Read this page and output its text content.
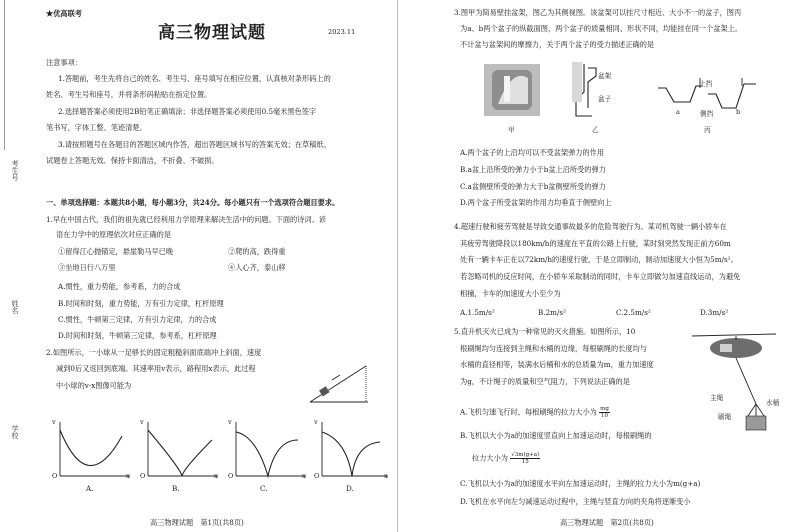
考生号
姓名
学校
★优高联考
高三物理试题	2023.11
注意事项：
1.答题前，考生先将自己的姓名、考生号、座号填写在相应位置，认真核对条形码上的
姓名、考生号和座号，并将条形码粘贴在指定位置。
2.选择题答案必须使用2B铅笔正确填涂；非选择题答案必须使用0.5毫米黑色签字
笔书写，字体工整、笔迹清楚。
3.请按照题号在各题目的答题区域内作答，超出答题区域书写的答案无效；在草稿纸、
试题卷上答题无效。保持卡面清洁，不折叠、不破损。
一、单项选择题：本题共8小题，每小题3分，共24分。每小题只有一个选项符合题目要求。
1.早在中国古代，我们的祖先就已经利用力学原理来解决生活中的问题。下面的诗词、谚
语在力学中的原理依次对应正确的是
①留得江心抛锚定，悬崖勒马早已晚	②爬的高，跌得重
③坐地日行八万里	④人心齐，泰山移
A.惯性，重力势能，参考系，力的合成
B.时间和时刻，重力势能，万有引力定律，杠杆原理
C.惯性，牛顿第三定律，万有引力定律，力的合成
D.时间和时刻，牛顿第三定律，参考系，杠杆原理
2.如图所示，一小球从一足够长的固定粗糙斜面底端冲上斜面，速度
减到0后又返回到底端。其速率用v表示，路程用x表示，此过程
中小球的v-x图像可能为
v	v	v	v
O	O	O	O
x	x	x	x
A.	B.	C.	D.
高三物理试题　第1页(共8页)
3.图甲为简易壁挂盆架，图乙为其侧视图。该盆架可以挂尺寸相近、大小不一的盆子，图丙
为a、b两个盆子的纵截面图，两个盆子的质量相同、形状不同，均能挂在同一个盆架上。
不计盆与盆架间的摩擦力，关于两个盆子的受力描述正确的是
盆架
盆子
上挡
a	侧挡	b
甲	乙	丙
A.两个盆子的上沿均可以不受盆架弹力的作用
B.a盆上沿所受的弹力小于b盆上沿所受的弹力
C.a盆侧壁所受的弹力大于b盆侧壁所受的弹力
D.两个盆子所受盆架的作用力均垂直于侧壁向上
4.超速行驶和疲劳驾驶是导致交通事故最多的危险驾驶行为。某司机驾驶一辆小轿车在
其疲劳驾驶降段以180km/h的速度在平直的公路上行驶，某时刻突然发现正前方60m
处有一辆卡车正在以72km/h的速度行驶，于是立即制动，制动加速度大小恒为5m/s²。
若忽略司机的反应时间，在小轿车采取制动的同时，卡车立即做匀加速直线运动，为避免
相撞，卡车的加速度大小至少为
A.1.5m/s²	B.2m/s²	C.2.5m/s²	D.3m/s²
5.直升机灭火已成为一种常见的灭火措施。如图所示，10
根刷绳均匀连接到主绳和水桶的边缘，每根刷绳的长度均与
水桶的直径相等，装满水后桶和水的总质量为m，重力加速度
为g，不计绳子的质量和空气阻力，下列说法正确的是
主绳
刷绳
水桶
A.飞机匀速飞行时，每根刷绳的拉力大小为 $\frac{mg}{10}$
B.飞机以大小为a的加速度竖直向上加速运动时，每根刷绳的
拉力大小为 $\frac{√3m(g+a)}{15}$
C.飞机以大小为a的加速度水平向左加速运动时，主绳的拉力大小为m(g+a)
D.飞机在水平向左匀减速运动过程中，主绳与竖直方向的夹角将逐渐变小
高三物理试题　第2页(共8页)
